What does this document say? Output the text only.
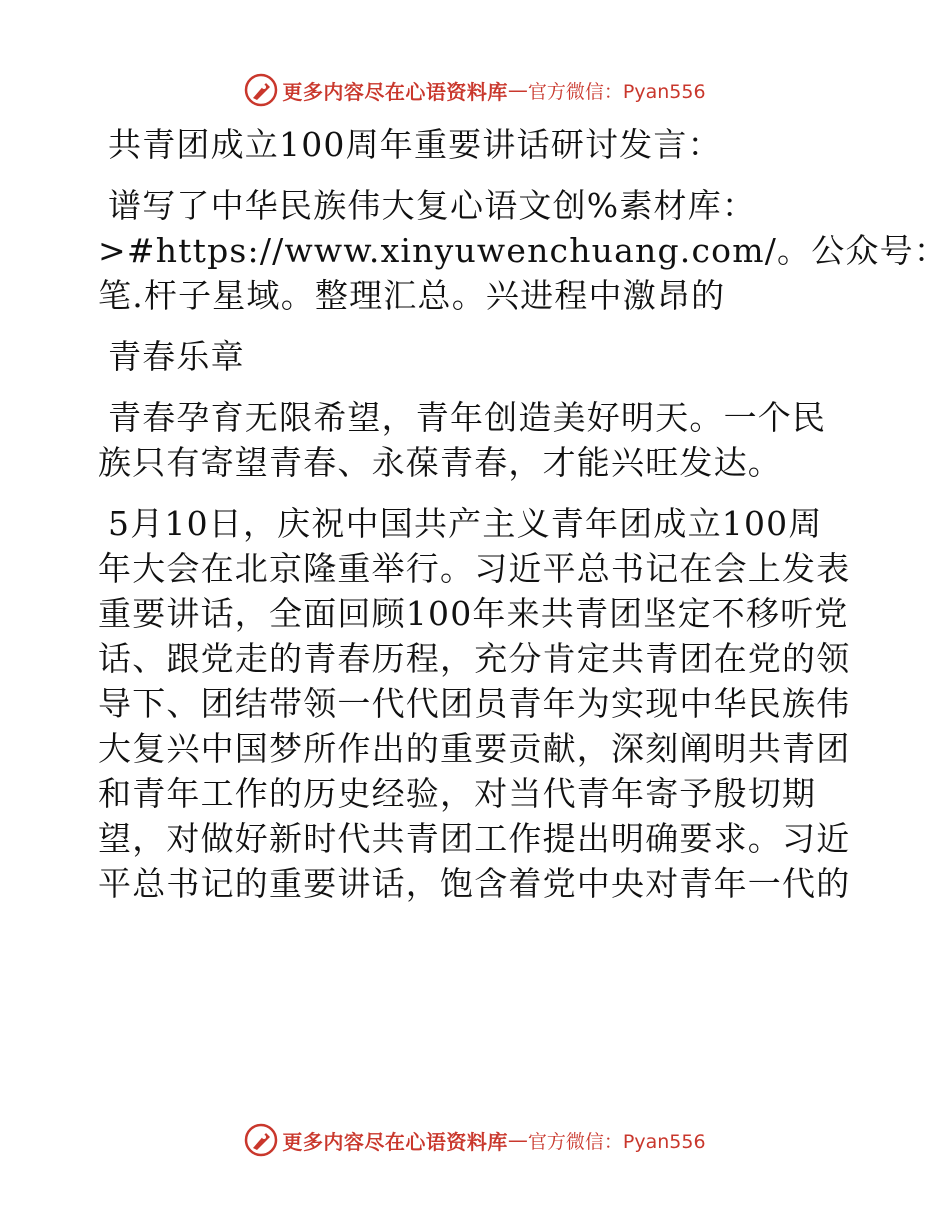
更多内容尽在心语资料库 — 官方微信：Pyan556

共青团成立100周年重要讲话研讨发言：

谱写了中华民族伟大复心语文创%素材库：
>#https://www.xinyuwenchuang.com/。公众号：
笔.杆子星域。整理汇总。兴进程中激昂的

青春乐章

青春孕育无限希望，青年创造美好明天。一个民
族只有寄望青春、永葆青春，才能兴旺发达。

5月10日，庆祝中国共产主义青年团成立100周
年大会在北京隆重举行。习近平总书记在会上发表
重要讲话，全面回顾100年来共青团坚定不移听党
话、跟党走的青春历程，充分肯定共青团在党的领
导下、团结带领一代代团员青年为实现中华民族伟
大复兴中国梦所作出的重要贡献，深刻阐明共青团
和青年工作的历史经验，对当代青年寄予殷切期
望，对做好新时代共青团工作提出明确要求。习近
平总书记的重要讲话，饱含着党中央对青年一代的

更多内容尽在心语资料库 — 官方微信：Pyan556
